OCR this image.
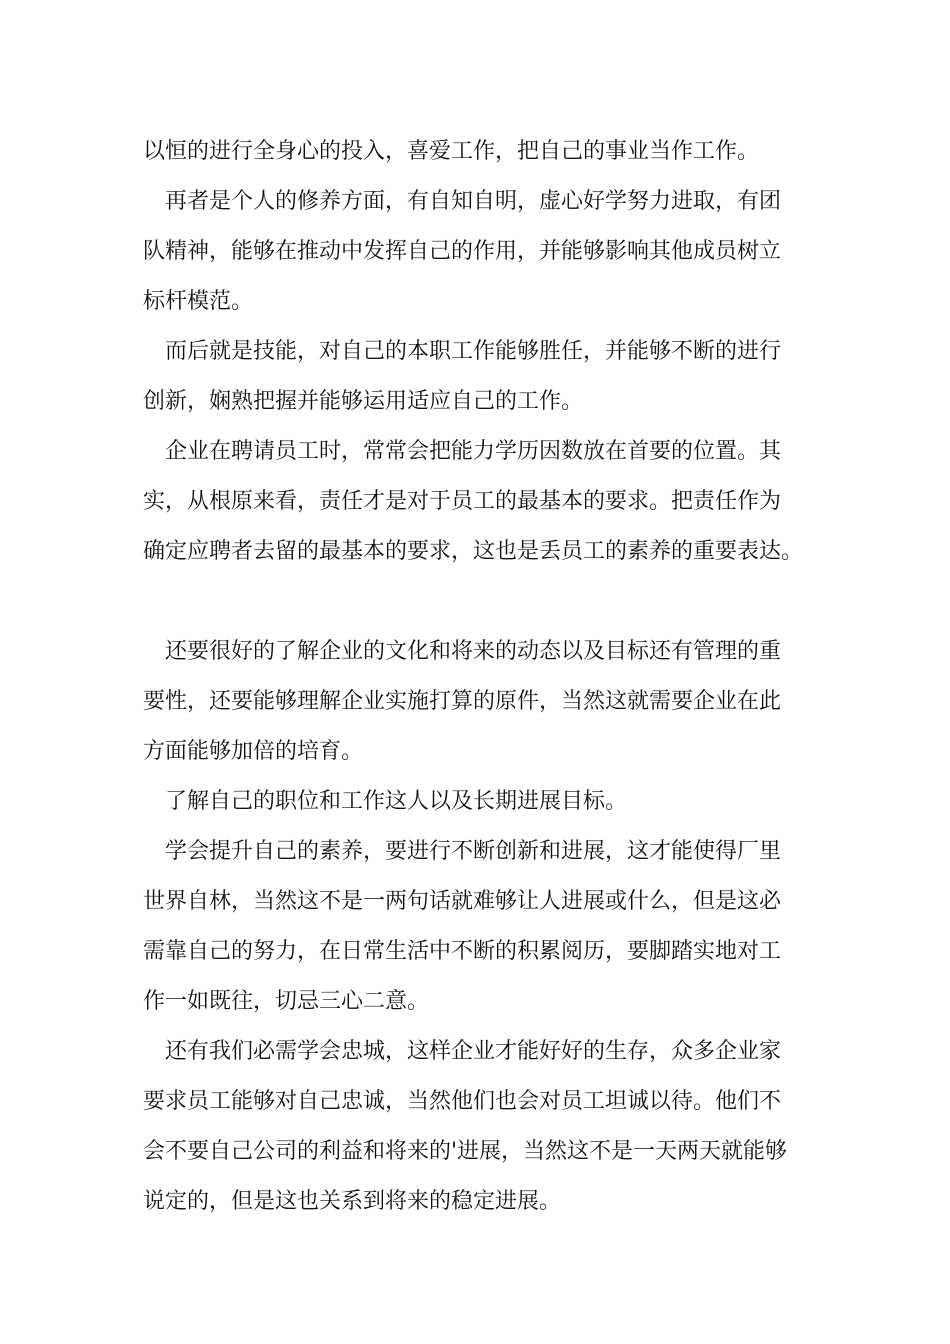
以恒的进行全身心的投入，喜爱工作，把自己的事业当作工作。
再者是个人的修养方面，有自知自明，虚心好学努力进取，有团
队精神，能够在推动中发挥自己的作用，并能够影响其他成员树立
标杆模范。
而后就是技能，对自己的本职工作能够胜任，并能够不断的进行
创新，娴熟把握并能够运用适应自己的工作。
企业在聘请员工时，常常会把能力学历因数放在首要的位置。其
实，从根原来看，责任才是对于员工的最基本的要求。把责任作为
确定应聘者去留的最基本的要求，这也是丢员工的素养的重要表达。
还要很好的了解企业的文化和将来的动态以及目标还有管理的重
要性，还要能够理解企业实施打算的原件，当然这就需要企业在此
方面能够加倍的培育。
了解自己的职位和工作这人以及长期进展目标。
学会提升自己的素养，要进行不断创新和进展，这才能使得厂里
世界自林，当然这不是一两句话就难够让人进展或什么，但是这必
需靠自己的努力，在日常生活中不断的积累阅历，要脚踏实地对工
作一如既往，切忌三心二意。
还有我们必需学会忠城，这样企业才能好好的生存，众多企业家
要求员工能够对自己忠诚，当然他们也会对员工坦诚以待。他们不
会不要自己公司的利益和将来的'进展，当然这不是一天两天就能够
说定的，但是这也关系到将来的稳定进展。
